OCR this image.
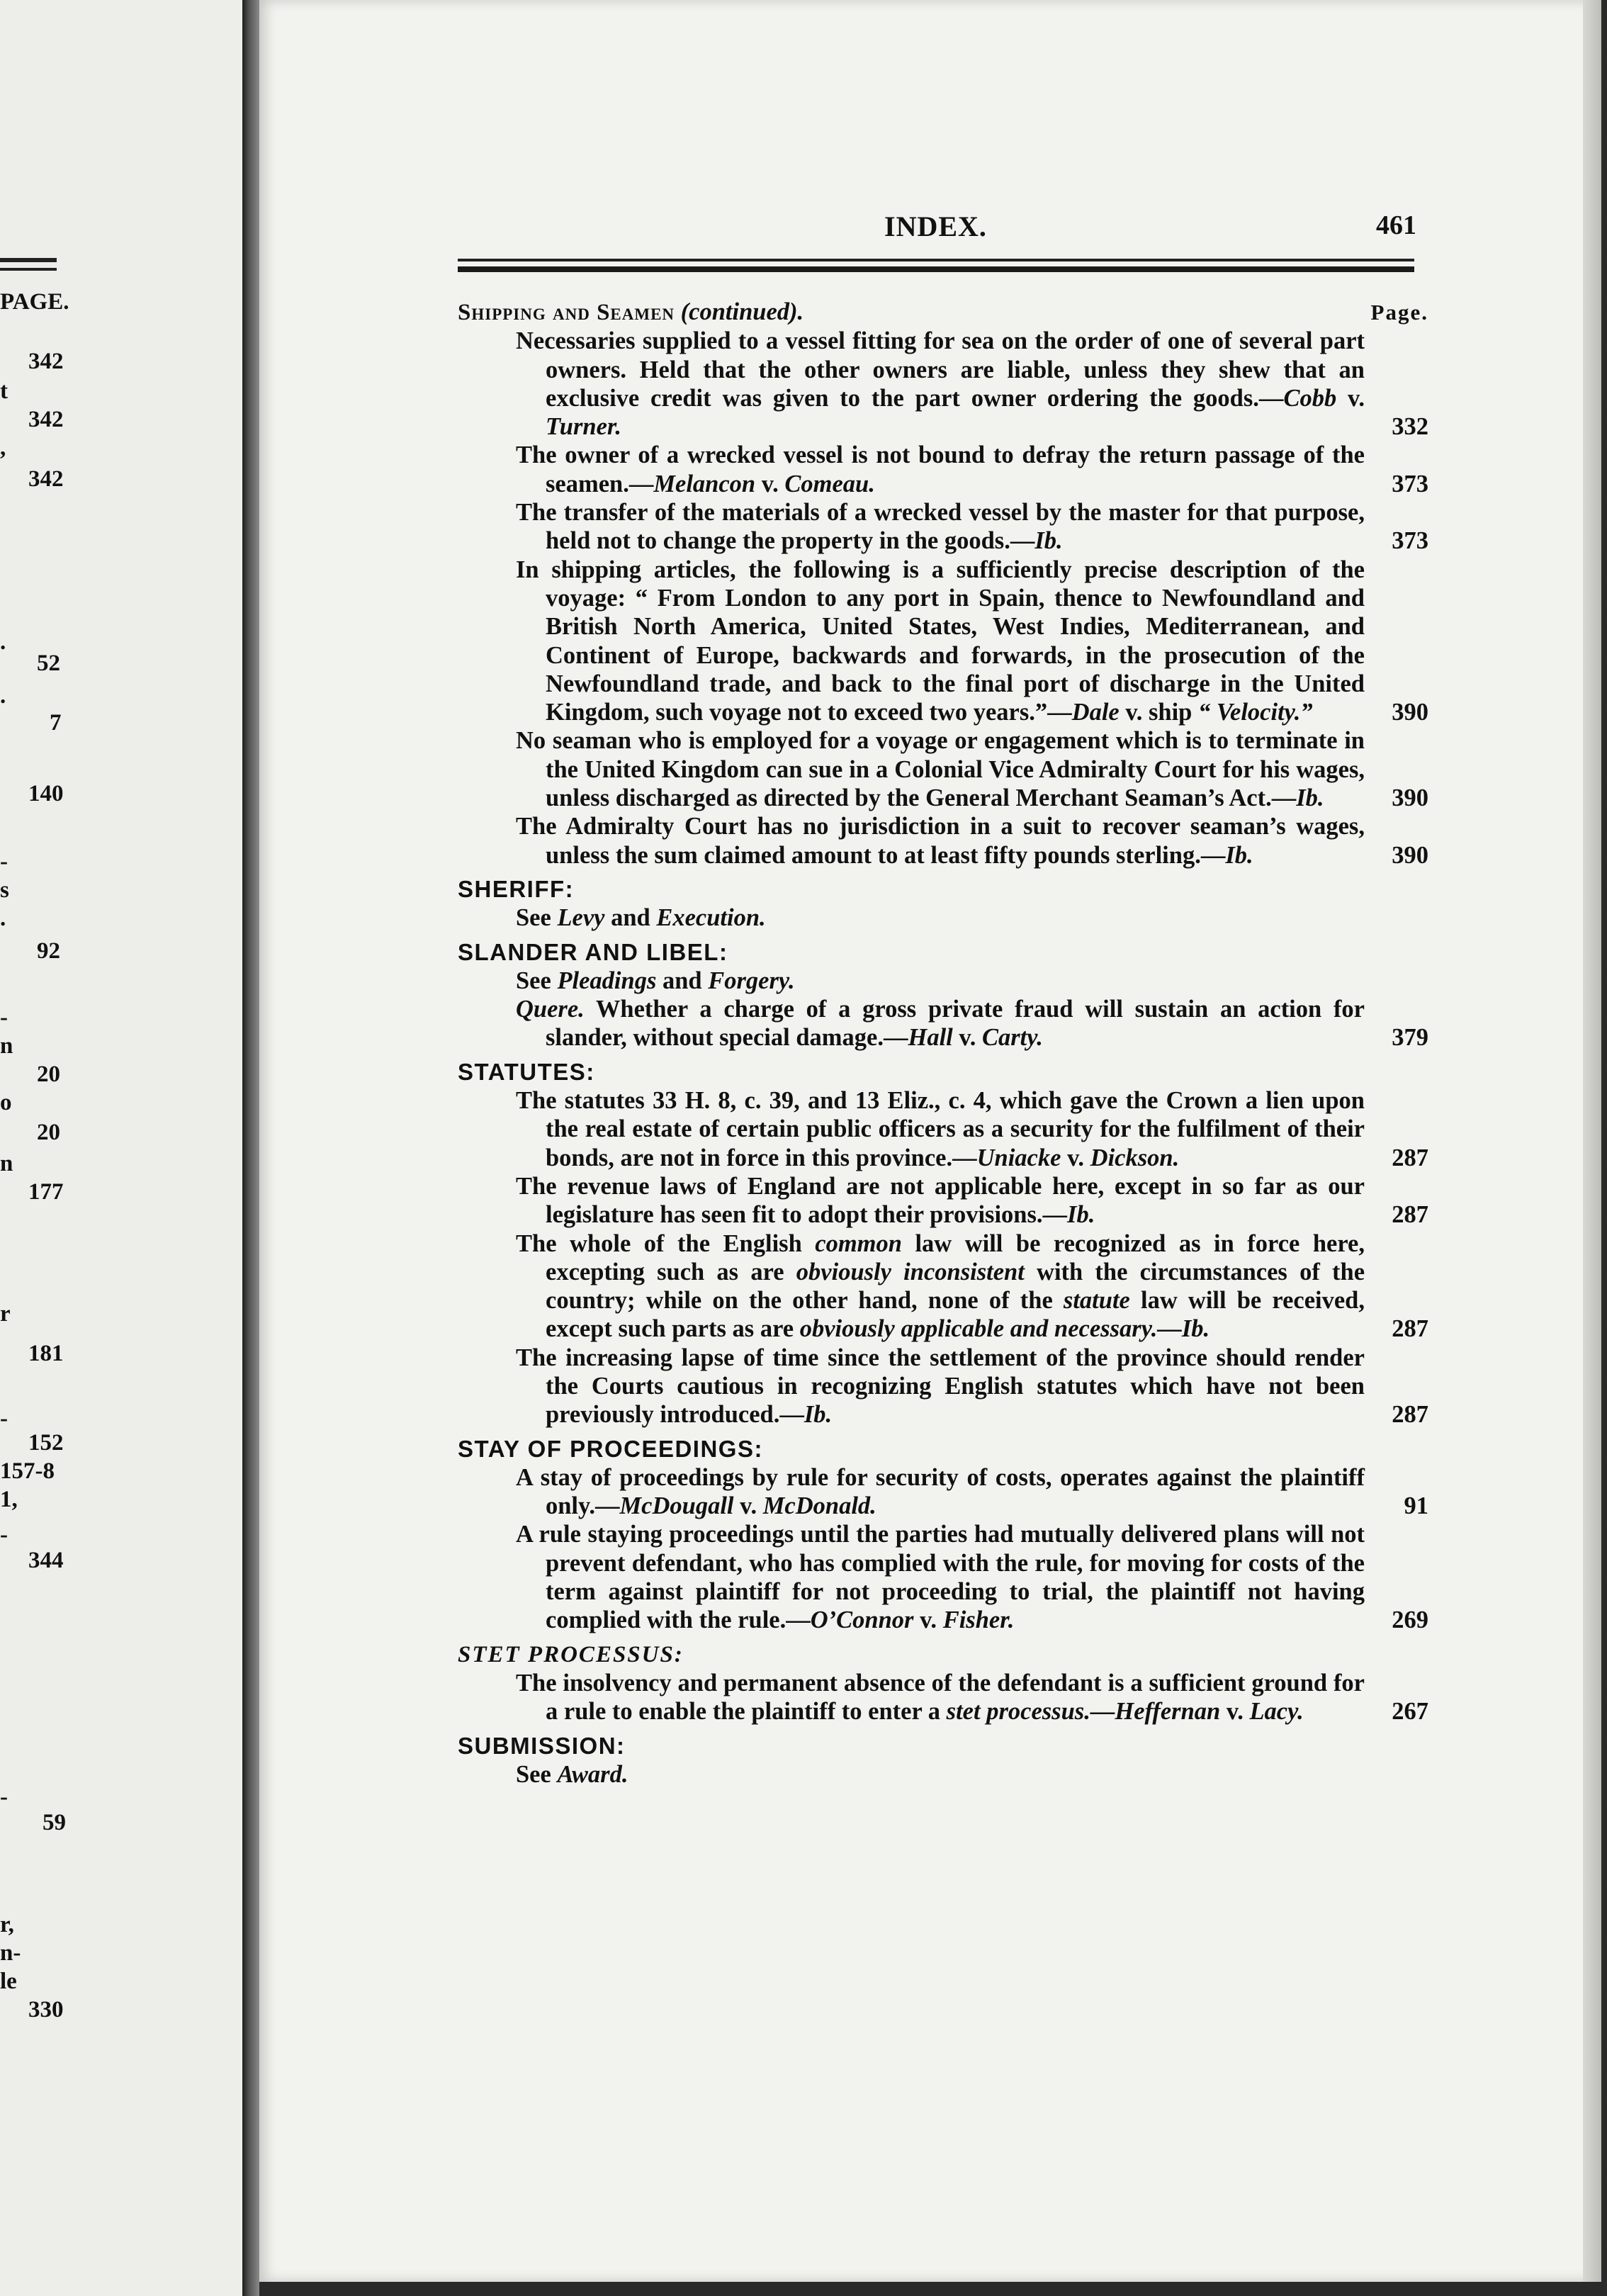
PAGE.
342
t
342
,
342
.
52
.
7
140
-
s
.
92
-
n
20
o
20
n
177
r
181
-
152
157-8
1,
-
344
-
59
r,
n-
le
330
INDEX.	461
Shipping and Seamen (continued).	Page.
Necessaries supplied to a vessel fitting for sea on the order of one of several part owners. Held that the other owners are liable, unless they shew that an exclusive credit was given to the part owner ordering the goods.—Cobb v. Turner.	332
The owner of a wrecked vessel is not bound to defray the return passage of the seamen.—Melancon v. Comeau.	373
The transfer of the materials of a wrecked vessel by the master for that purpose, held not to change the property in the goods.—Ib.	373
In shipping articles, the following is a sufficiently precise description of the voyage: “ From London to any port in Spain, thence to Newfoundland and British North America, United States, West Indies, Mediterranean, and Continent of Europe, backwards and forwards, in the prosecution of the Newfoundland trade, and back to the final port of discharge in the United Kingdom, such voyage not to exceed two years.”—Dale v. ship “ Velocity.”	390
No seaman who is employed for a voyage or engagement which is to terminate in the United Kingdom can sue in a Colonial Vice Admiralty Court for his wages, unless discharged as directed by the General Merchant Seaman’s Act.—Ib.	390
The Admiralty Court has no jurisdiction in a suit to recover seaman’s wages, unless the sum claimed amount to at least fifty pounds sterling.—Ib.	390
SHERIFF:
See Levy and Execution.
SLANDER AND LIBEL:
See Pleadings and Forgery.
Quere. Whether a charge of a gross private fraud will sustain an action for slander, without special damage.—Hall v. Carty.	379
STATUTES:
The statutes 33 H. 8, c. 39, and 13 Eliz., c. 4, which gave the Crown a lien upon the real estate of certain public officers as a security for the fulfilment of their bonds, are not in force in this province.—Uniacke v. Dickson.	287
The revenue laws of England are not applicable here, except in so far as our legislature has seen fit to adopt their provisions.—Ib.	287
The whole of the English common law will be recognized as in force here, excepting such as are obviously inconsistent with the circumstances of the country; while on the other hand, none of the statute law will be received, except such parts as are obviously applicable and necessary.—Ib.	287
The increasing lapse of time since the settlement of the province should render the Courts cautious in recognizing English statutes which have not been previously introduced.—Ib.	287
STAY OF PROCEEDINGS:
A stay of proceedings by rule for security of costs, operates against the plaintiff only.—McDougall v. McDonald.	91
A rule staying proceedings until the parties had mutually delivered plans will not prevent defendant, who has complied with the rule, for moving for costs of the term against plaintiff for not proceeding to trial, the plaintiff not having complied with the rule.—O’Connor v. Fisher.	269
STET PROCESSUS:
The insolvency and permanent absence of the defendant is a sufficient ground for a rule to enable the plaintiff to enter a stet processus.—Heffernan v. Lacy.	267
SUBMISSION:
See Award.
